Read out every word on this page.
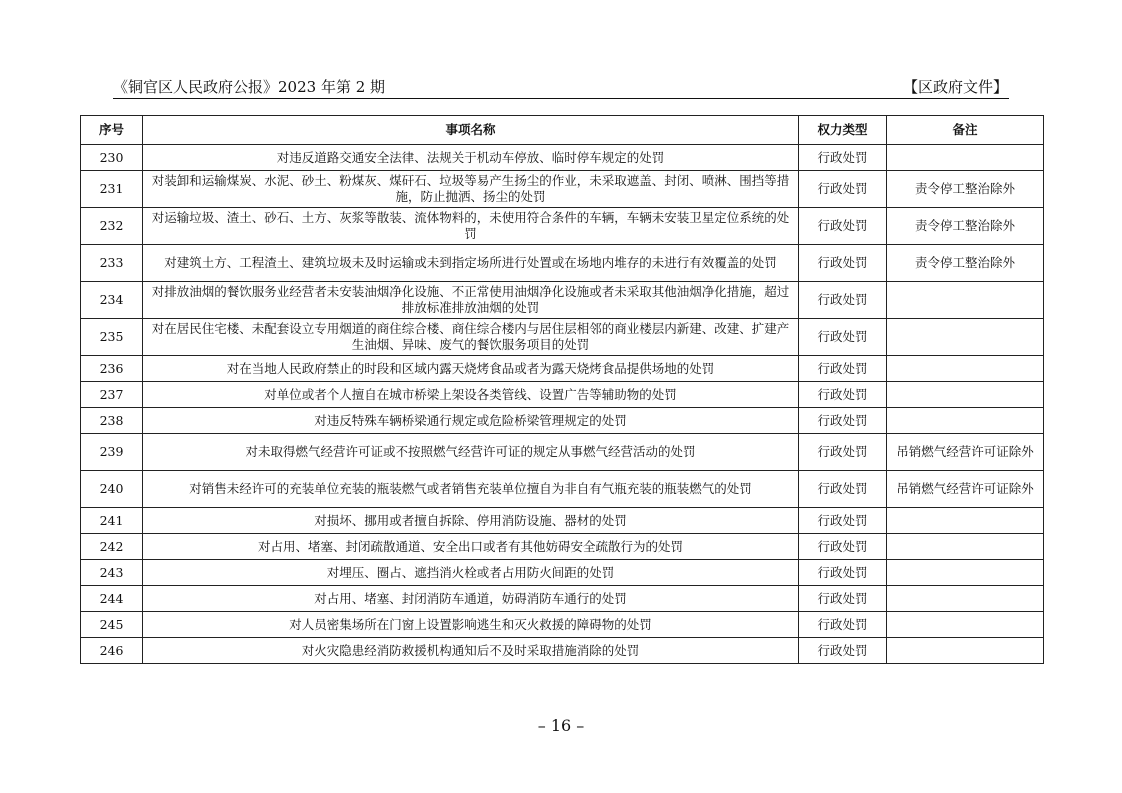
《铜官区人民政府公报》2023 年第 2 期	【区政府文件】
序号	事项名称	权力类型	备注
230	对违反道路交通安全法律、法规关于机动车停放、临时停车规定的处罚	行政处罚	
231	对装卸和运输煤炭、水泥、砂土、粉煤灰、煤矸石、垃圾等易产生扬尘的作业，未采取遮盖、封闭、喷淋、围挡等措施，防止抛洒、扬尘的处罚	行政处罚	责令停工整治除外
232	对运输垃圾、渣土、砂石、土方、灰浆等散装、流体物料的，未使用符合条件的车辆，车辆未安装卫星定位系统的处罚	行政处罚	责令停工整治除外
233	对建筑土方、工程渣土、建筑垃圾未及时运输或未到指定场所进行处置或在场地内堆存的未进行有效覆盖的处罚	行政处罚	责令停工整治除外
234	对排放油烟的餐饮服务业经营者未安装油烟净化设施、不正常使用油烟净化设施或者未采取其他油烟净化措施，超过排放标准排放油烟的处罚	行政处罚	
235	对在居民住宅楼、未配套设立专用烟道的商住综合楼、商住综合楼内与居住层相邻的商业楼层内新建、改建、扩建产生油烟、异味、废气的餐饮服务项目的处罚	行政处罚	
236	对在当地人民政府禁止的时段和区域内露天烧烤食品或者为露天烧烤食品提供场地的处罚	行政处罚	
237	对单位或者个人擅自在城市桥梁上架设各类管线、设置广告等辅助物的处罚	行政处罚	
238	对违反特殊车辆桥梁通行规定或危险桥梁管理规定的处罚	行政处罚	
239	对未取得燃气经营许可证或不按照燃气经营许可证的规定从事燃气经营活动的处罚	行政处罚	吊销燃气经营许可证除外
240	对销售未经许可的充装单位充装的瓶装燃气或者销售充装单位擅自为非自有气瓶充装的瓶装燃气的处罚	行政处罚	吊销燃气经营许可证除外
241	对损坏、挪用或者擅自拆除、停用消防设施、器材的处罚	行政处罚	
242	对占用、堵塞、封闭疏散通道、安全出口或者有其他妨碍安全疏散行为的处罚	行政处罚	
243	对埋压、圈占、遮挡消火栓或者占用防火间距的处罚	行政处罚	
244	对占用、堵塞、封闭消防车通道，妨碍消防车通行的处罚	行政处罚	
245	对人员密集场所在门窗上设置影响逃生和灭火救援的障碍物的处罚	行政处罚	
246	对火灾隐患经消防救援机构通知后不及时采取措施消除的处罚	行政处罚	
– 16 –
